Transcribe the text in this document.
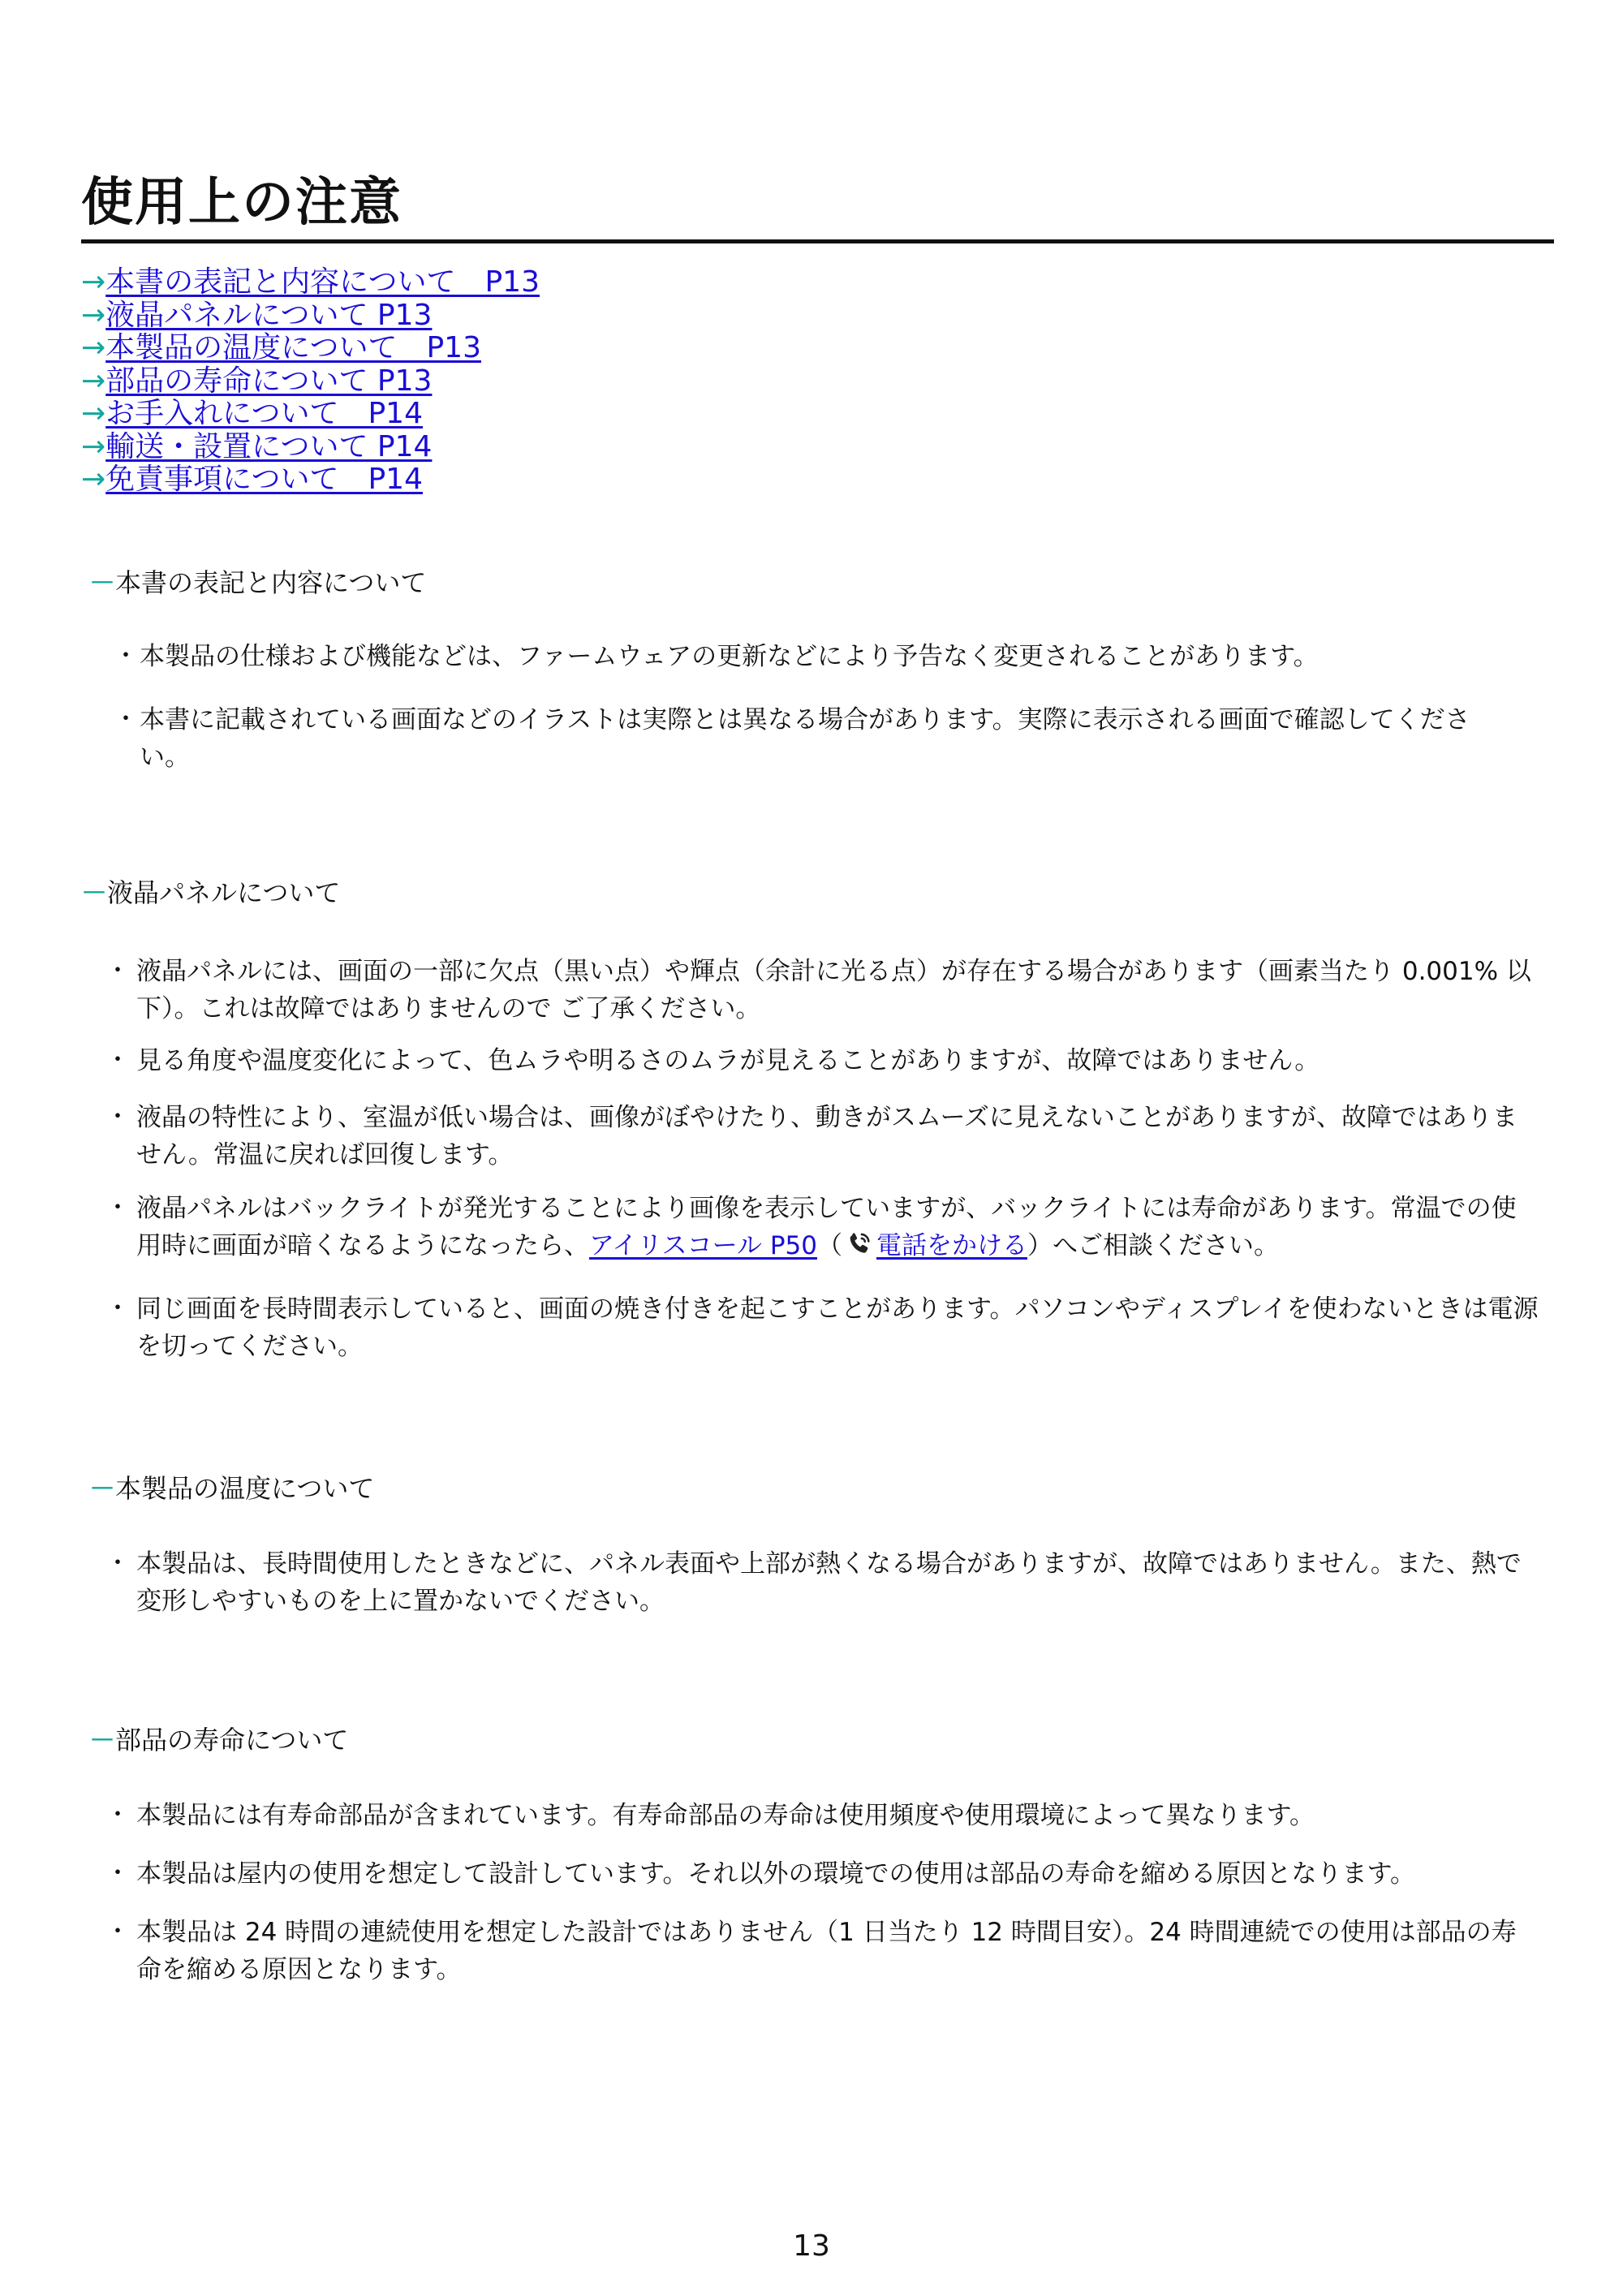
使用上の注意
→本書の表記と内容について　P13
→液晶パネルについて P13
→本製品の温度について　P13
→部品の寿命について P13
→お手入れについて　P14
→輸送・設置について P14
→免責事項について　P14
－本書の表記と内容について
・ 本製品の仕様および機能などは、ファームウェアの更新などにより予告なく変更されることがあります。
・ 本書に記載されている画面などのイラストは実際とは異なる場合があります。実際に表示される画面で確認してください。
－液晶パネルについて
・ 液晶パネルには、画面の一部に欠点（黒い点）や輝点（余計に光る点）が存在する場合があります（画素当たり 0.001% 以下）。これは故障ではありませんので ご了承ください。
・ 見る角度や温度変化によって、色ムラや明るさのムラが見えることがありますが、故障ではありません。
・ 液晶の特性により、室温が低い場合は、画像がぼやけたり、動きがスムーズに見えないことがありますが、故障ではありません。常温に戻れば回復します。
・ 液晶パネルはバックライトが発光することにより画像を表示していますが、バックライトには寿命があります。常温での使用時に画面が暗くなるようになったら、アイリスコール P50（ 電話をかける）へご相談ください。
・ 同じ画面を長時間表示していると、画面の焼き付きを起こすことがあります。パソコンやディスプレイを使わないときは電源を切ってください。
－本製品の温度について
・ 本製品は、長時間使用したときなどに、パネル表面や上部が熱くなる場合がありますが、故障ではありません。また、熱で変形しやすいものを上に置かないでください。
－部品の寿命について
・ 本製品には有寿命部品が含まれています。有寿命部品の寿命は使用頻度や使用環境によって異なります。
・ 本製品は屋内の使用を想定して設計しています。それ以外の環境での使用は部品の寿命を縮める原因となります。
・ 本製品は 24 時間の連続使用を想定した設計ではありません（1 日当たり 12 時間目安）。24 時間連続での使用は部品の寿命を縮める原因となります。
13
